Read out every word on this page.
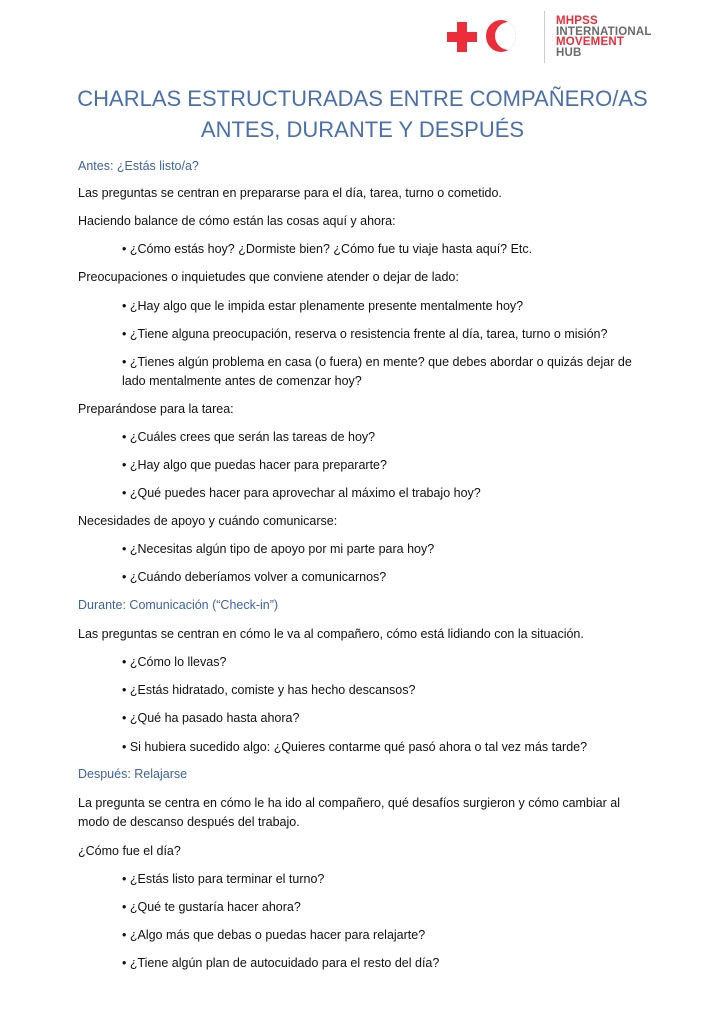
MHPSS
INTERNATIONAL
MOVEMENT
HUB
CHARLAS ESTRUCTURADAS ENTRE COMPAÑERO/AS
ANTES, DURANTE Y DESPUÉS
Antes: ¿Estás listo/a?
Las preguntas se centran en prepararse para el día, tarea, turno o cometido.
Haciendo balance de cómo están las cosas aquí y ahora:
• ¿Cómo estás hoy? ¿Dormiste bien? ¿Cómo fue tu viaje hasta aquí? Etc.
Preocupaciones o inquietudes que conviene atender o dejar de lado:
• ¿Hay algo que le impida estar plenamente presente mentalmente hoy?
• ¿Tiene alguna preocupación, reserva o resistencia frente al día, tarea, turno o misión?
• ¿Tienes algún problema en casa (o fuera) en mente? que debes abordar o quizás dejar de lado mentalmente antes de comenzar hoy?
Preparándose para la tarea:
• ¿Cuáles crees que serán las tareas de hoy?
• ¿Hay algo que puedas hacer para prepararte?
• ¿Qué puedes hacer para aprovechar al máximo el trabajo hoy?
Necesidades de apoyo y cuándo comunicarse:
• ¿Necesitas algún tipo de apoyo por mi parte para hoy?
• ¿Cuándo deberíamos volver a comunicarnos?
Durante: Comunicación (“Check-in”)
Las preguntas se centran en cómo le va al compañero, cómo está lidiando con la situación.
• ¿Cómo lo llevas?
• ¿Estás hidratado, comiste y has hecho descansos?
• ¿Qué ha pasado hasta ahora?
• Si hubiera sucedido algo: ¿Quieres contarme qué pasó ahora o tal vez más tarde?
Después: Relajarse
La pregunta se centra en cómo le ha ido al compañero, qué desafíos surgieron y cómo cambiar al modo de descanso después del trabajo.
¿Cómo fue el día?
• ¿Estás listo para terminar el turno?
• ¿Qué te gustaría hacer ahora?
• ¿Algo más que debas o puedas hacer para relajarte?
• ¿Tiene algún plan de autocuidado para el resto del día?
